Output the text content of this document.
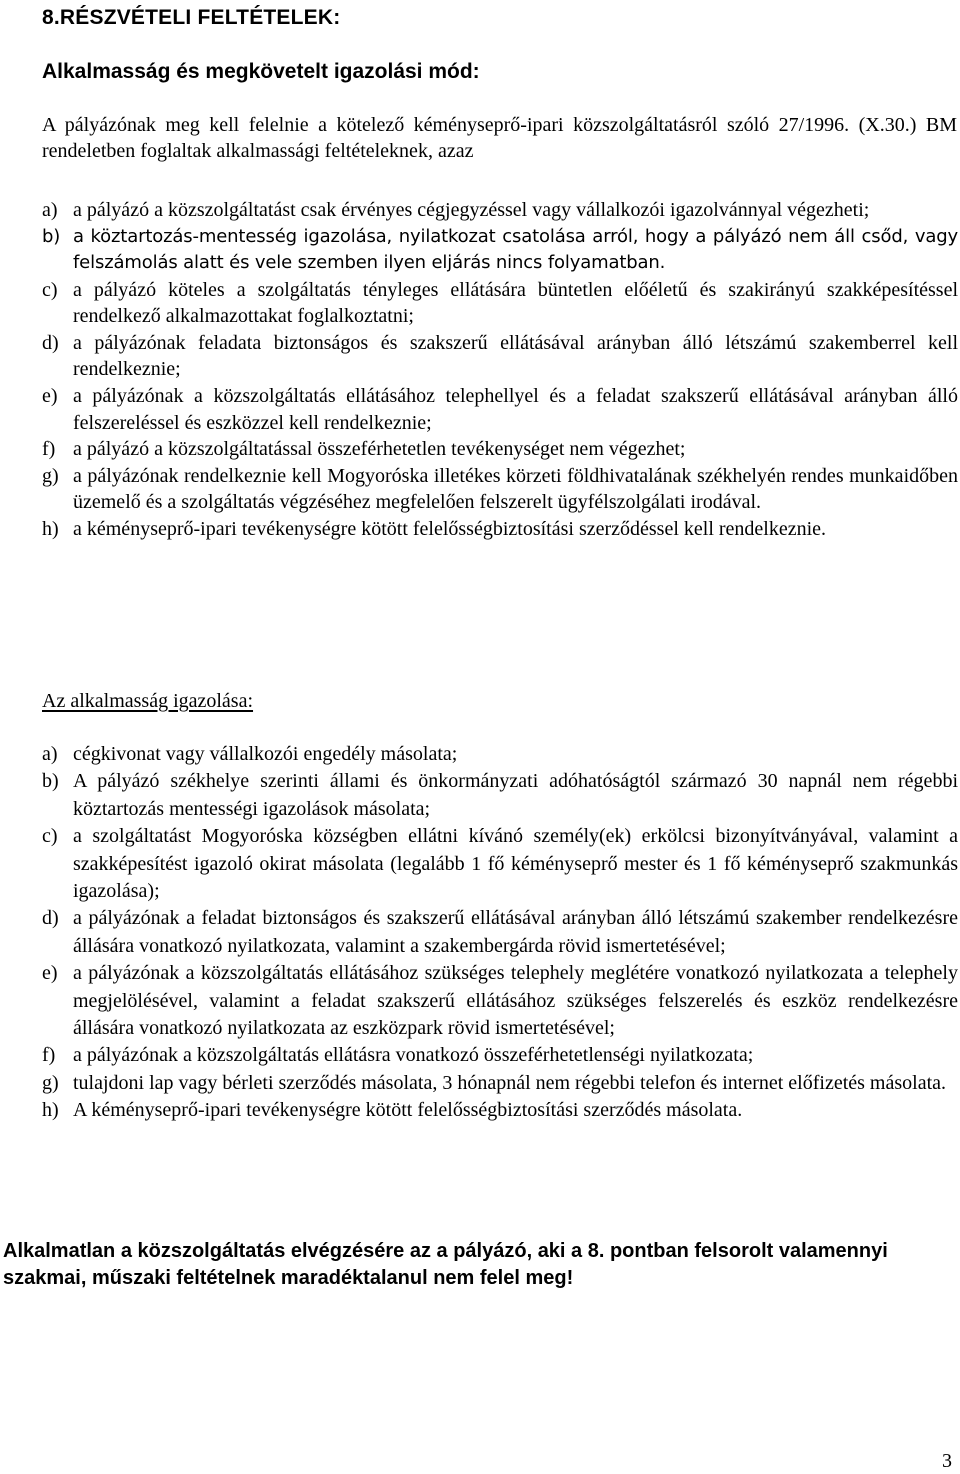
8.RÉSZVÉTELI FELTÉTELEK:
Alkalmasság és megkövetelt igazolási mód:
A pályázónak meg kell felelnie a kötelező kéményseprő-ipari közszolgáltatásról szóló 27/1996. (X.30.) BM rendeletben foglaltak alkalmassági feltételeknek, azaz
a) a pályázó a közszolgáltatást csak érvényes cégjegyzéssel vagy vállalkozói igazolvánnyal végezheti;
b) a köztartozás-mentesség igazolása, nyilatkozat csatolása arról, hogy a pályázó nem áll csőd, vagy felszámolás alatt és vele szemben ilyen eljárás nincs folyamatban.
c) a pályázó köteles a szolgáltatás tényleges ellátására büntetlen előéletű és szakirányú szakképesítéssel rendelkező alkalmazottakat foglalkoztatni;
d) a pályázónak feladata biztonságos és szakszerű ellátásával arányban álló létszámú szakemberrel kell rendelkeznie;
e) a pályázónak a közszolgáltatás ellátásához telephellyel és a feladat szakszerű ellátásával arányban álló felszereléssel és eszközzel kell rendelkeznie;
f) a pályázó a közszolgáltatással összeférhetetlen tevékenységet nem végezhet;
g) a pályázónak rendelkeznie kell Mogyoróska illetékes körzeti földhivatalának székhelyén rendes munkaidőben üzemelő és a szolgáltatás végzéséhez megfelelően felszerelt ügyfélszolgálati irodával.
h) a kéményseprő-ipari tevékenységre kötött felelősségbiztosítási szerződéssel kell rendelkeznie.
Az alkalmasság igazolása:
a) cégkivonat vagy vállalkozói engedély másolata;
b) A pályázó székhelye szerinti állami és önkormányzati adóhatóságtól származó 30 napnál nem régebbi köztartozás mentességi igazolások másolata;
c) a szolgáltatást Mogyoróska községben ellátni kívánó személy(ek) erkölcsi bizonyítványával, valamint a szakképesítést igazoló okirat másolata (legalább 1 fő kéményseprő mester és 1 fő kéményseprő szakmunkás igazolása);
d) a pályázónak a feladat biztonságos és szakszerű ellátásával arányban álló létszámú szakember rendelkezésre állására vonatkozó nyilatkozata, valamint a szakembergárda rövid ismertetésével;
e) a pályázónak a közszolgáltatás ellátásához szükséges telephely meglétére vonatkozó nyilatkozata a telephely megjelölésével, valamint a feladat szakszerű ellátásához szükséges felszerelés és eszköz rendelkezésre állására vonatkozó nyilatkozata az eszközpark rövid ismertetésével;
f) a pályázónak a közszolgáltatás ellátásra vonatkozó összeférhetetlenségi nyilatkozata;
g) tulajdoni lap vagy bérleti szerződés másolata, 3 hónapnál nem régebbi telefon és internet előfizetés másolata.
h) A kéményseprő-ipari tevékenységre kötött felelősségbiztosítási szerződés másolata.
Alkalmatlan a közszolgáltatás elvégzésére az a pályázó, aki a 8. pontban felsorolt valamennyi szakmai, műszaki feltételnek maradéktalanul nem felel meg!
3
